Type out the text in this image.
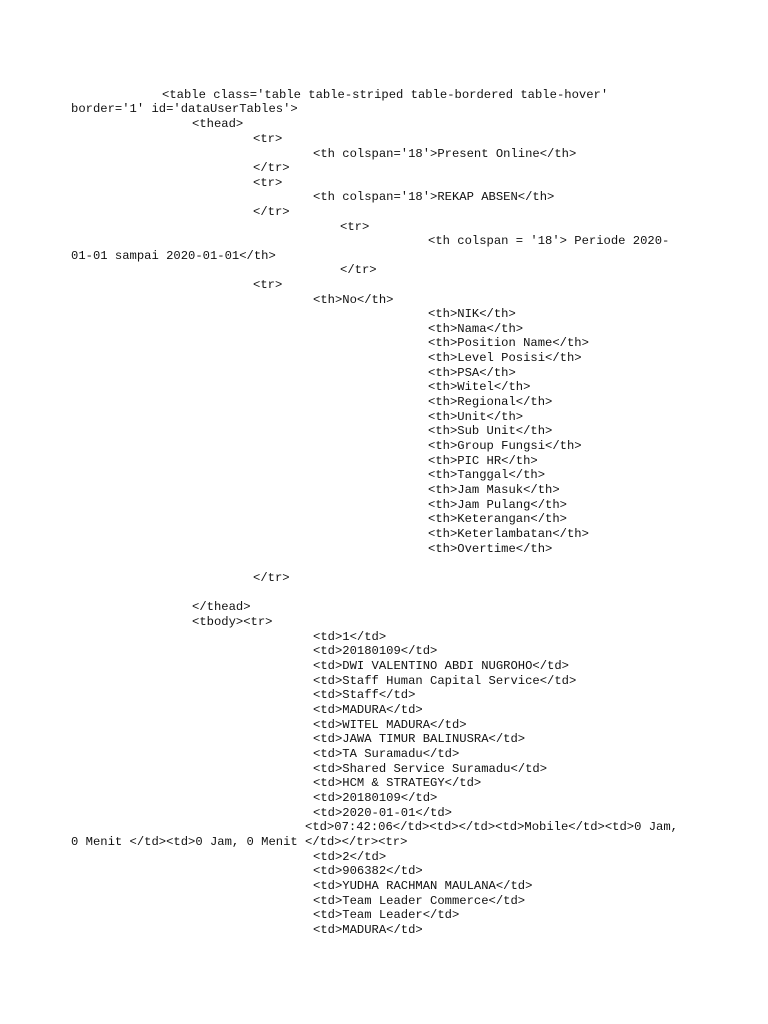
<table class='table table-striped table-bordered table-hover'
border='1' id='dataUserTables'>
<thead>
<tr>
<th colspan='18'>Present Online</th>
</tr>
<tr>
<th colspan='18'>REKAP ABSEN</th>
</tr>
<tr>
<th colspan = '18'> Periode 2020-
01-01 sampai 2020-01-01</th>
</tr>
<tr>
<th>No</th>
<th>NIK</th>
<th>Nama</th>
<th>Position Name</th>
<th>Level Posisi</th>
<th>PSA</th>
<th>Witel</th>
<th>Regional</th>
<th>Unit</th>
<th>Sub Unit</th>
<th>Group Fungsi</th>
<th>PIC HR</th>
<th>Tanggal</th>
<th>Jam Masuk</th>
<th>Jam Pulang</th>
<th>Keterangan</th>
<th>Keterlambatan</th>
<th>Overtime</th>
</tr>
</thead>
<tbody><tr>
<td>1</td>
<td>20180109</td>
<td>DWI VALENTINO ABDI NUGROHO</td>
<td>Staff Human Capital Service</td>
<td>Staff</td>
<td>MADURA</td>
<td>WITEL MADURA</td>
<td>JAWA TIMUR BALINUSRA</td>
<td>TA Suramadu</td>
<td>Shared Service Suramadu</td>
<td>HCM & STRATEGY</td>
<td>20180109</td>
<td>2020-01-01</td>
<td>07:42:06</td><td></td><td>Mobile</td><td>0 Jam,
0 Menit </td><td>0 Jam, 0 Menit </td></tr><tr>
<td>2</td>
<td>906382</td>
<td>YUDHA RACHMAN MAULANA</td>
<td>Team Leader Commerce</td>
<td>Team Leader</td>
<td>MADURA</td>
